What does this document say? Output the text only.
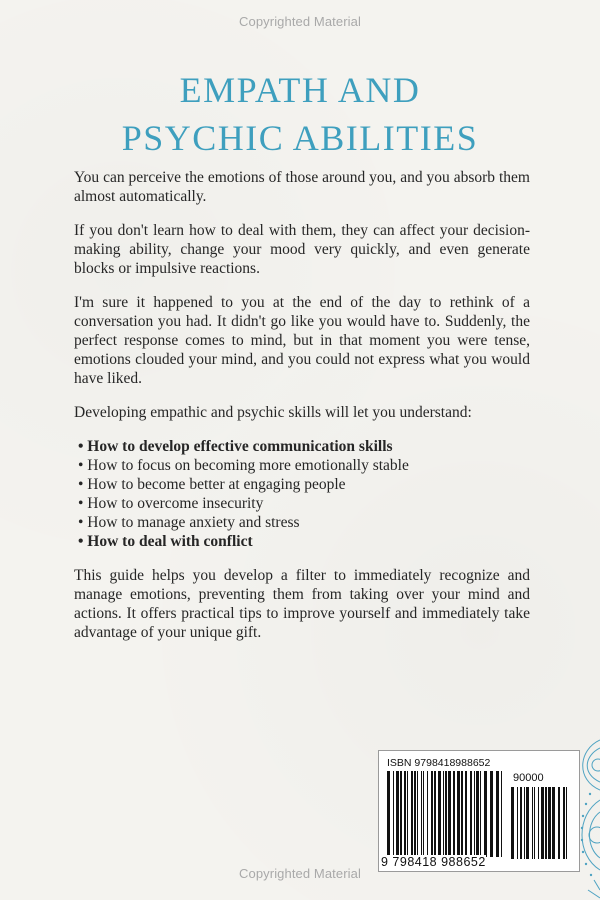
Copyrighted Material
EMPATH AND
PSYCHIC ABILITIES

You can perceive the emotions of those around you, and you absorb them almost automatically.

If you don't learn how to deal with them, they can affect your decision-making ability, change your mood very quickly, and even generate blocks or impulsive reactions.

I'm sure it happened to you at the end of the day to rethink of a conversation you had. It didn't go like you would have to. Suddenly, the perfect response comes to mind, but in that moment you were tense, emotions clouded your mind, and you could not express what you would have liked.

Developing empathic and psychic skills will let you understand:

• How to develop effective communication skills
• How to focus on becoming more emotionally stable
• How to become better at engaging people
• How to overcome insecurity
• How to manage anxiety and stress
• How to deal with conflict

This guide helps you develop a filter to immediately recognize and manage emotions, preventing them from taking over your mind and actions. It offers practical tips to improve yourself and immediately take advantage of your unique gift.

ISBN 9798418988652
90000
9 798418 988652
Copyrighted Material
